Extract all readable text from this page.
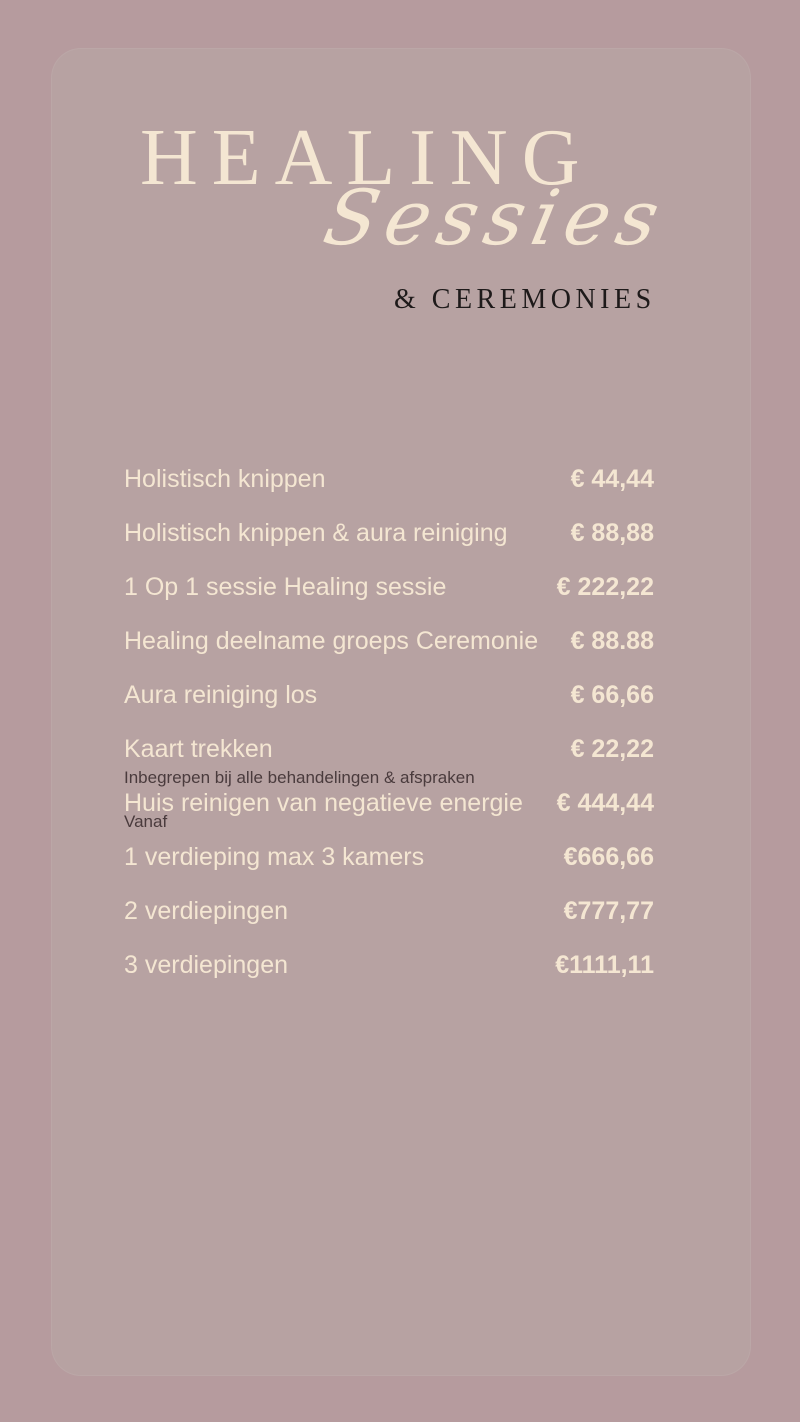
HEALING
Sessies
& CEREMONIES
Holistisch knippen	€ 44,44
Holistisch knippen & aura reiniging	€ 88,88
1 Op 1 sessie Healing sessie	€ 222,22
Healing deelname groeps Ceremonie € 88.88
Aura reiniging los	€ 66,66
Kaart trekken	€ 22,22
Inbegrepen bij alle behandelingen & afspraken
Huis reinigen van negatieve energie € 444,44
Vanaf
1 verdieping max 3 kamers	€666,66
2 verdiepingen	€777,77
3 verdiepingen	€1111,11
